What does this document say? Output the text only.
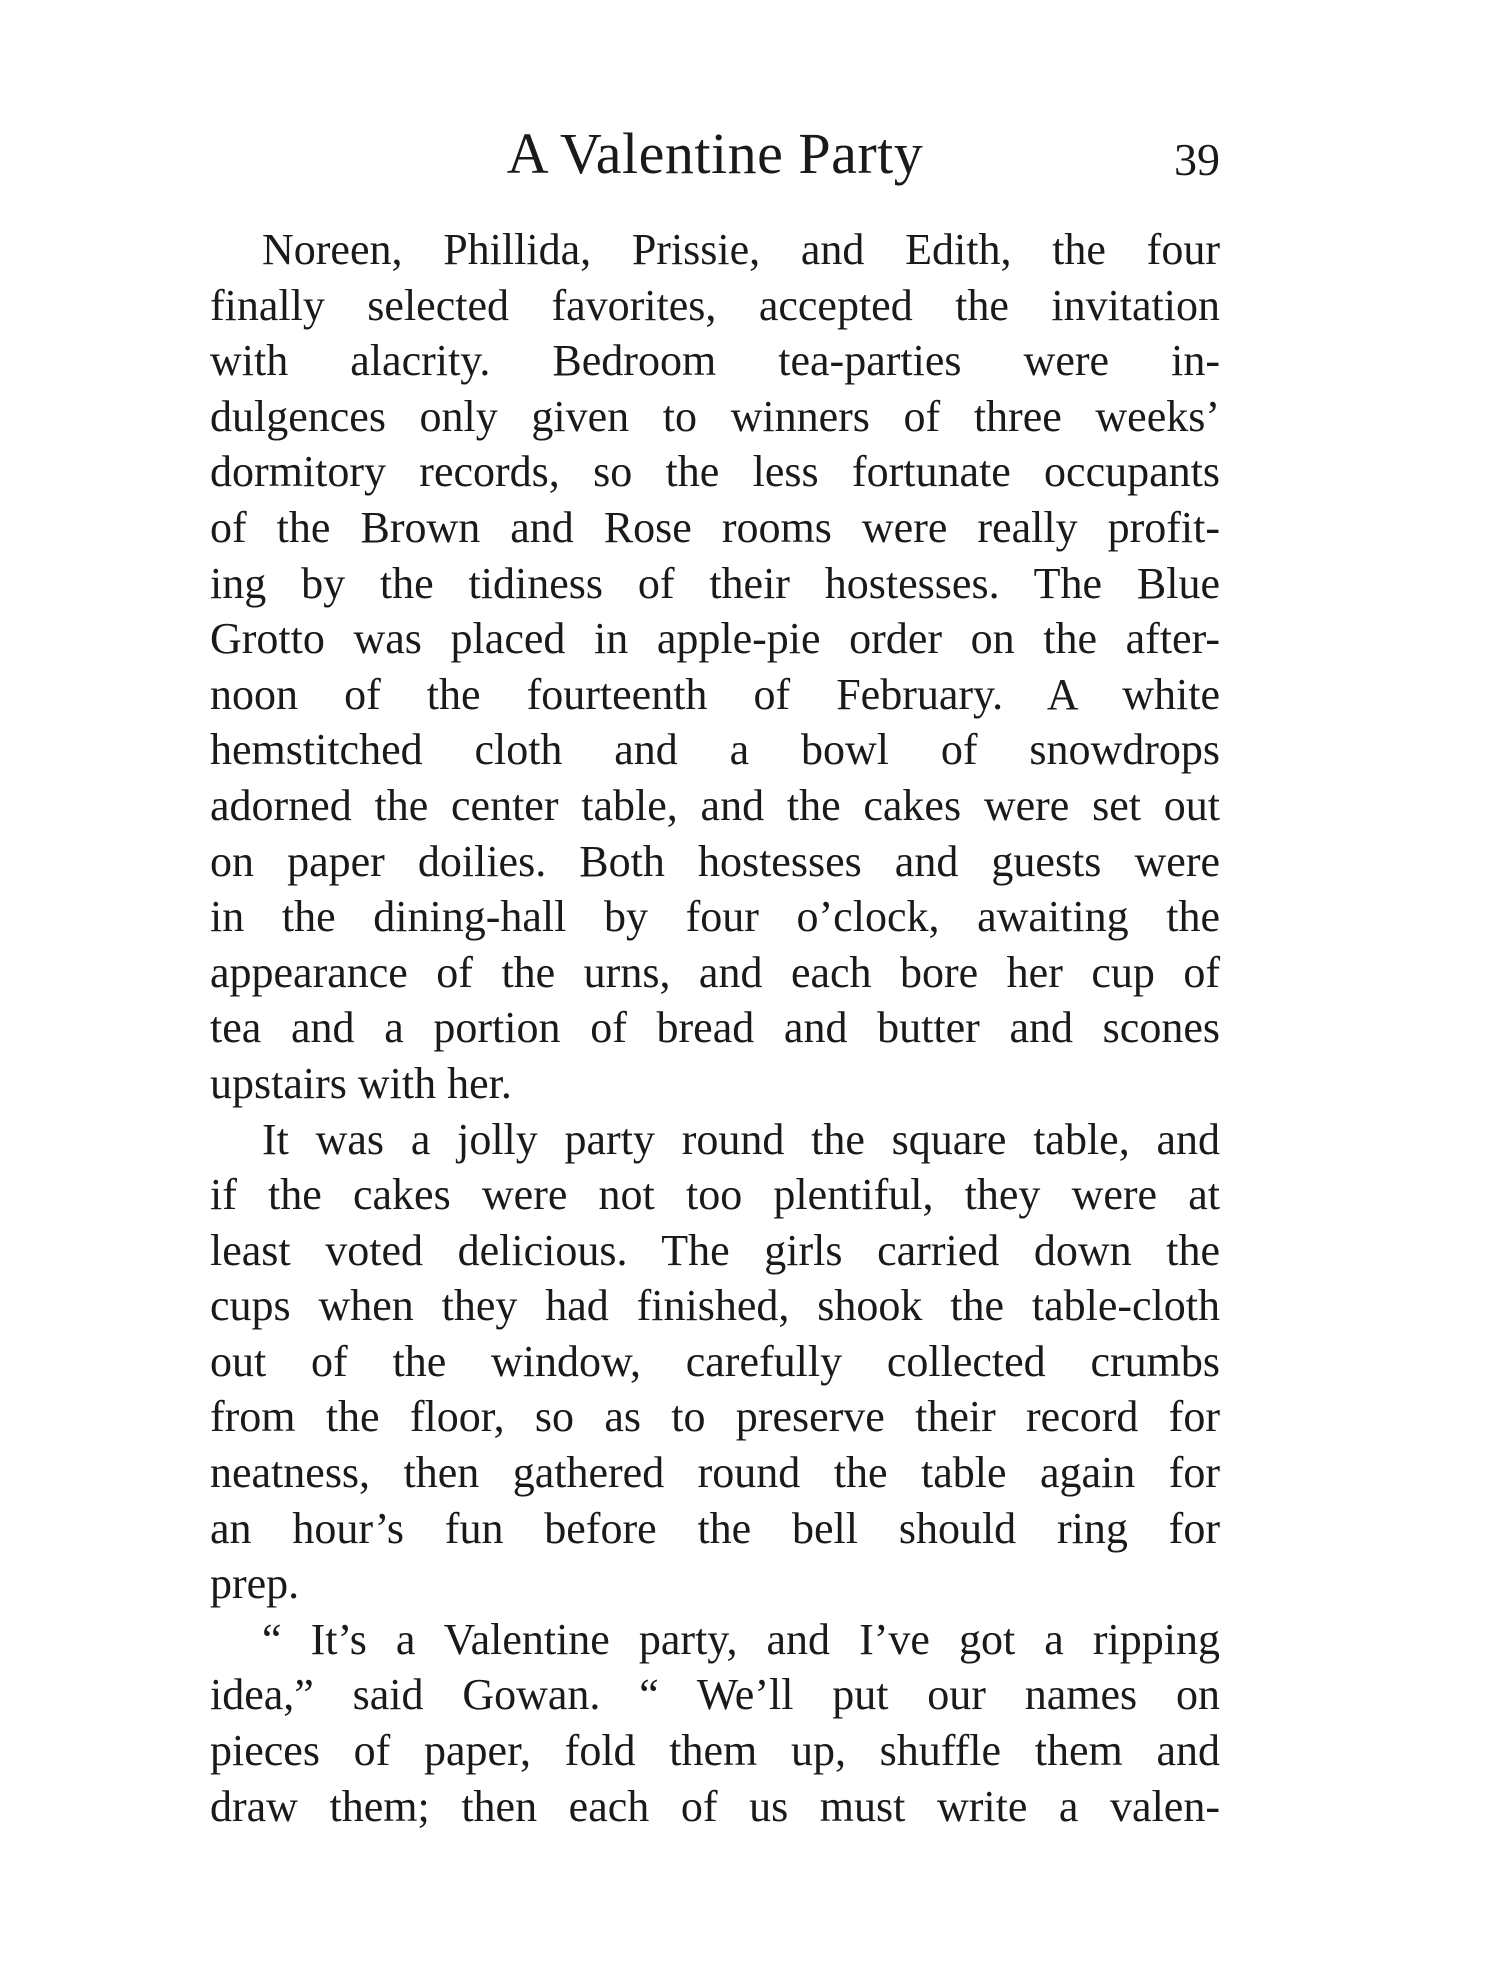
A Valentine Party	39
Noreen, Phillida, Prissie, and Edith, the four
finally selected favorites, accepted the invitation
with alacrity. Bedroom tea-parties were in-
dulgences only given to winners of three weeks’
dormitory records, so the less fortunate occupants
of the Brown and Rose rooms were really profit-
ing by the tidiness of their hostesses. The Blue
Grotto was placed in apple-pie order on the after-
noon of the fourteenth of February. A white
hemstitched cloth and a bowl of snowdrops
adorned the center table, and the cakes were set out
on paper doilies. Both hostesses and guests were
in the dining-hall by four o’clock, awaiting the
appearance of the urns, and each bore her cup of
tea and a portion of bread and butter and scones
upstairs with her.
It was a jolly party round the square table, and
if the cakes were not too plentiful, they were at
least voted delicious. The girls carried down the
cups when they had finished, shook the table-cloth
out of the window, carefully collected crumbs
from the floor, so as to preserve their record for
neatness, then gathered round the table again for
an hour’s fun before the bell should ring for
prep.
“ It’s a Valentine party, and I’ve got a ripping
idea,” said Gowan. “ We’ll put our names on
pieces of paper, fold them up, shuffle them and
draw them; then each of us must write a valen-
